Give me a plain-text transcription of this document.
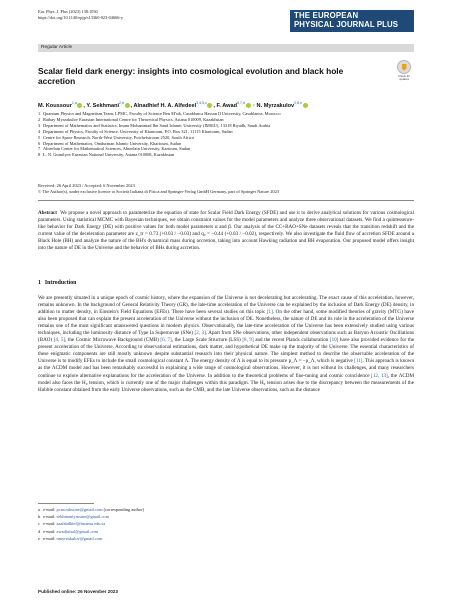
Eur. Phys. J. Plus (2023) 138:1030
https://doi.org/10.1140/epjp/s13360-023-04666-y	THE EUROPEAN
PHYSICAL JOURNAL PLUS
Regular Article
Scalar field dark energy: insights into cosmological evolution and black hole accretion	Check for updates
M. Koussour$^{1,a}$ , Y. Sekhmani$^{2,b}$ , Alnadhief H. A. Alfedeel$^{3,4,5,c}$ , F. Awad$^{6,7,d}$ · N. Myrzakulov$^{2,8,e}$
1 Quantum Physics and Magnetism Team, LPMC, Faculty of Science Ben M'sik, Casablanca Hassan II University, Casablanca, Morocco
2 Ratbay Myrzakulov Eurasian International Centre for Theoretical Physics, Astana 010009, Kazakhstan
3 Department of Mathematics and Statistics, Imam Mohammad Ibn Saud Islamic University (IMSIU), 13318 Riyadh, Saudi Arabia
4 Department of Physics, Faculty of Science, University of Khartoum, P.O. Box 321, 11115 Khartoum, Sudan
5 Centre for Space Research, North-West University, Potchefstroom 2520, South Africa
6 Department of Mathematics, Omdurman Islamic University, Khartoum, Sudan
7 Alneelain Center for Mathematical Sciences, Alneelain University, Kartoum, Sudan
8 L. N. Gumilyov Eurasian National University, Astana 010008, Kazakhstan
Received: 26 April 2023 / Accepted: 6 November 2023
© The Author(s), under exclusive licence to Società Italiana di Fisica and Springer-Verlag GmbH Germany, part of Springer Nature 2023
Abstract We propose a novel approach to parameterize the equation of state for Scalar Field Dark Energy (SFDE) and use it to derive analytical solutions for various cosmological parameters. Using statistical MCMC with Bayesian techniques, we obtain constraint values for the model parameters and analyze three observational datasets. We find a quintessence-like behavior for Dark Energy (DE) with positive values for both model parameters α and β. Our analysis of the CC+BAO+SNe datasets reveals that the transition redshift and the current value of the deceleration parameter are z_tr = 0.73 (+0.03 / −0.03) and q₀ = −0.44 (+0.03 / −0.02), respectively. We also investigate the fluid flow of accretion SFDE around a Black Hole (BH) and analyze the nature of the BH's dynamical mass during accretion, taking into account Hawking radiation and BH evaporation. Our proposed model offers insight into the nature of DE in the Universe and the behavior of BHs during accretion.
1 Introduction
We are presently situated in a unique epoch of cosmic history, where the expansion of the Universe is not decelerating but accelerating. The exact cause of this acceleration, however, remains unknown. In the background of General Relativity Theory (GR), the late-time acceleration of the Universe can be explained by the inclusion of Dark Energy (DE) density, in addition to matter density, in Einstein's Field Equations (EFEs). There have been several studies on this topic [1]. On the other hand, some modified theories of gravity (MTG) have also been proposed that can explain the present acceleration of the Universe without the inclusion of DE. Nonetheless, the nature of DE and its role in the acceleration of the Universe remains one of the most significant unanswered questions in modern physics. Observationally, the late-time acceleration of the Universe has been extensively studied using various techniques, including the luminosity distance of Type Ia Supernovae (SNe) [2, 3]. Apart from SNe observations, other independent observations such as Baryon Acoustic Oscillations (BAO) [4, 5], the Cosmic Microwave Background (CMB) [6, 7], the Large Scale Structure (LSS) [8, 9] and the recent Planck collaboration [10] have also provided evidence for the present acceleration of the Universe. According to observational estimations, dark matter, and hypothetical DE make up the majority of the Universe. The essential characteristics of these enigmatic components are still mostly unknown despite substantial research into their physical nature. The simplest method to describe the observable acceleration of the Universe is to modify EFEs to include the small cosmological constant Λ. The energy density of Λ is equal to its pressure p_Λ = −ρ_Λ, which is negative [11]. This approach is known as the ΛCDM model and has been remarkably successful in explaining a wide range of cosmological observations. However, it is not without its challenges, and many researchers continue to explore alternative explanations for the acceleration of the Universe. In addition to the theoretical problems of fine-tuning and cosmic coincidence [12, 13], the ΛCDM model also faces the H₀ tension, which is currently one of the major challenges within this paradigm. The H₀ tension arises due to the discrepancy between the measurements of the Hubble constant obtained from the early Universe observations, such as the CMB, and the late Universe observations, such as the distance
a e-mail: pr.mouhssine@gmail.com (corresponding author)
b e-mail: sekhmaniyassine@gmail.com
c e-mail: aaalnadhief@imamu.edu.sa
d e-mail: awadfaisal@gmail.com
e e-mail: nmyrzakulov@gmail.com
Published online: 26 November 2023
